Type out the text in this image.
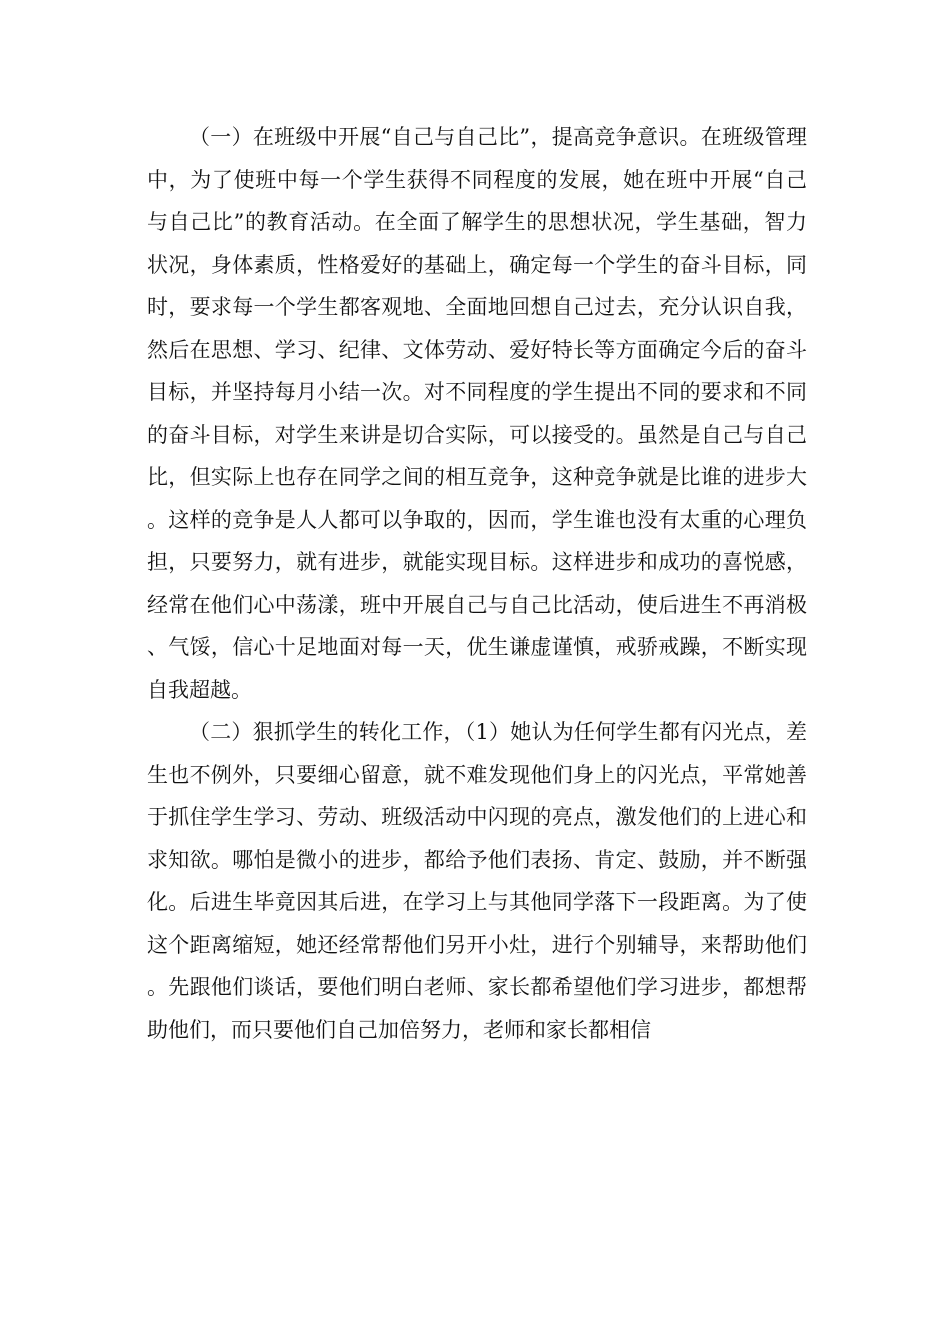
（一）在班级中开展“自己与自己比”，提高竞争意识。在班级管理中，为了使班中每一个学生获得不同程度的发展，她在班中开展“自己与自己比”的教育活动。在全面了解学生的思想状况，学生基础，智力状况，身体素质，性格爱好的基础上，确定每一个学生的奋斗目标，同时，要求每一个学生都客观地、全面地回想自己过去，充分认识自我，然后在思想、学习、纪律、文体劳动、爱好特长等方面确定今后的奋斗目标，并坚持每月小结一次。对不同程度的学生提出不同的要求和不同的奋斗目标，对学生来讲是切合实际，可以接受的。虽然是自己与自己比，但实际上也存在同学之间的相互竞争，这种竞争就是比谁的进步大。这样的竞争是人人都可以争取的，因而，学生谁也没有太重的心理负担，只要努力，就有进步，就能实现目标。这样进步和成功的喜悦感，经常在他们心中荡漾，班中开展自己与自己比活动，使后进生不再消极、气馁，信心十足地面对每一天，优生谦虚谨慎，戒骄戒躁，不断实现自我超越。

（二）狠抓学生的转化工作，（1）她认为任何学生都有闪光点，差生也不例外，只要细心留意，就不难发现他们身上的闪光点，平常她善于抓住学生学习、劳动、班级活动中闪现的亮点，激发他们的上进心和求知欲。哪怕是微小的进步，都给予他们表扬、肯定、鼓励，并不断强化。后进生毕竟因其后进，在学习上与其他同学落下一段距离。为了使这个距离缩短，她还经常帮他们另开小灶，进行个别辅导，来帮助他们。先跟他们谈话，要他们明白老师、家长都希望他们学习进步，都想帮助他们，而只要他们自己加倍努力，老师和家长都相信
